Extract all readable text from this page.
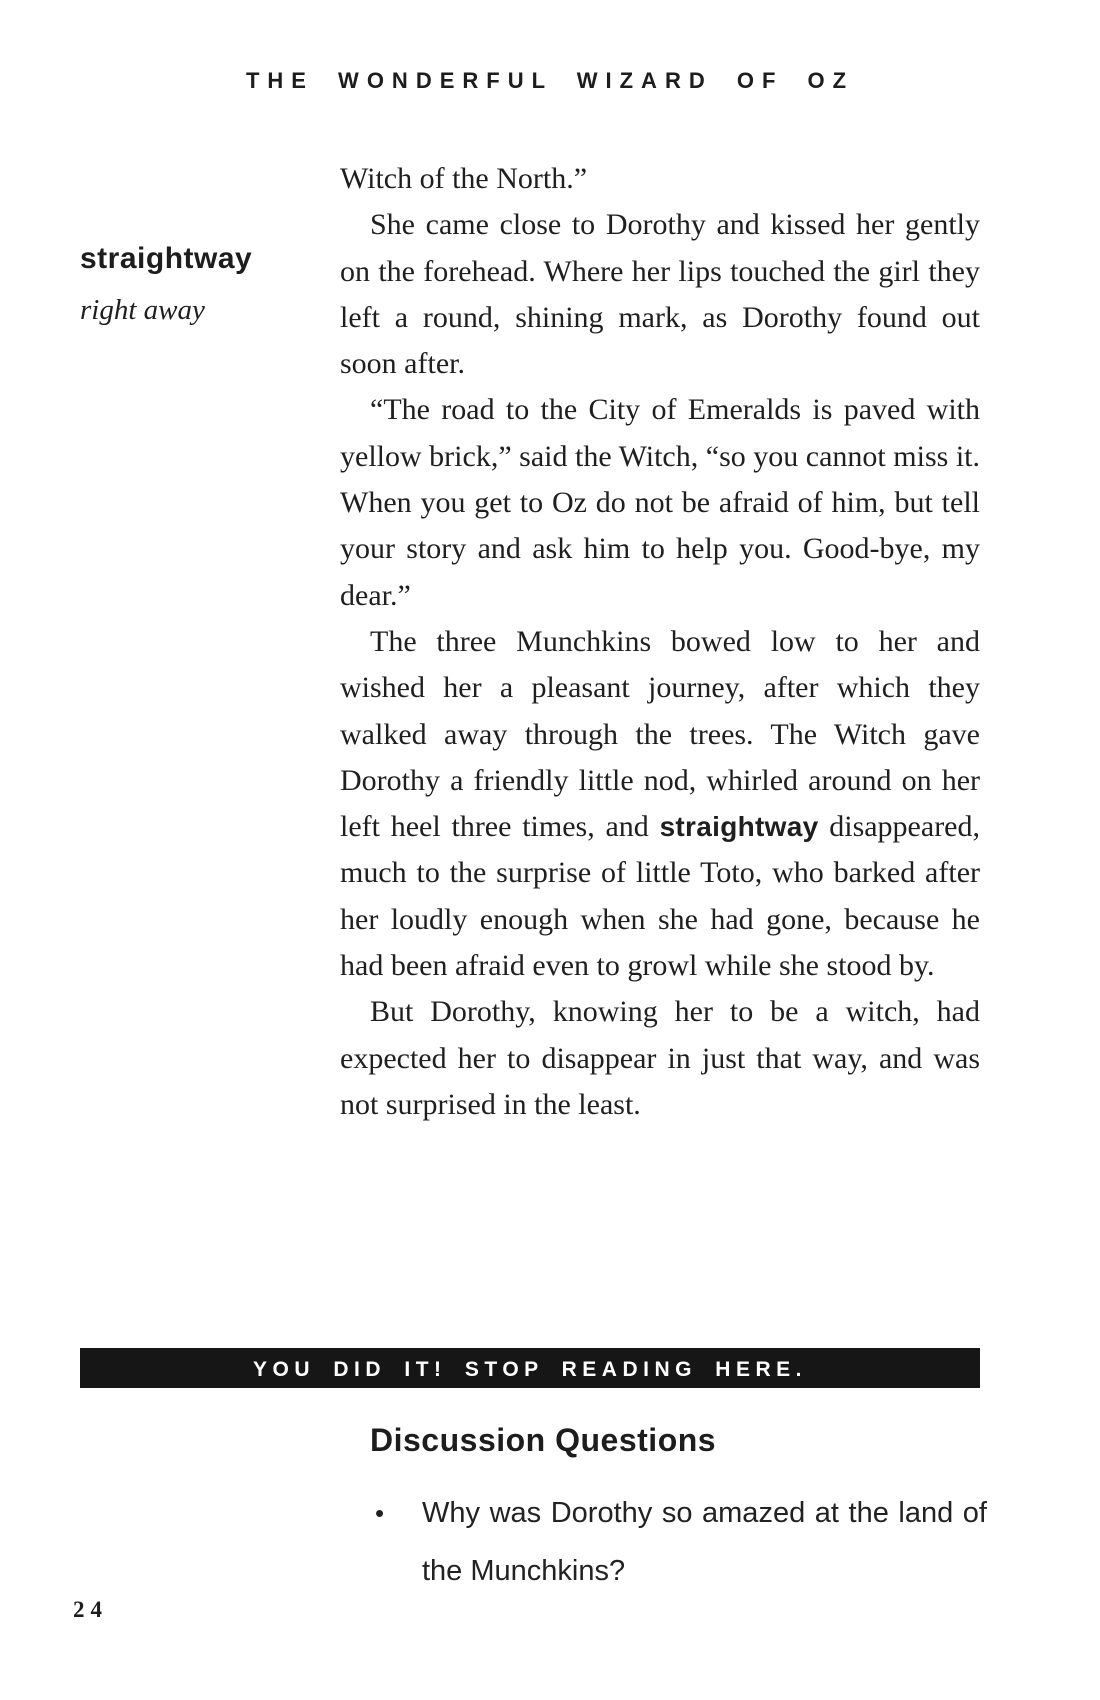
THE WONDERFUL WIZARD OF OZ
straightway
right away

Witch of the North.”

She came close to Dorothy and kissed her gently on the forehead. Where her lips touched the girl they left a round, shining mark, as Dorothy found out soon after.

“The road to the City of Emeralds is paved with yellow brick,” said the Witch, “so you cannot miss it. When you get to Oz do not be afraid of him, but tell your story and ask him to help you. Good-bye, my dear.”

The three Munchkins bowed low to her and wished her a pleasant journey, after which they walked away through the trees. The Witch gave Dorothy a friendly little nod, whirled around on her left heel three times, and straightway disappeared, much to the surprise of little Toto, who barked after her loudly enough when she had gone, because he had been afraid even to growl while she stood by.

But Dorothy, knowing her to be a witch, had expected her to disappear in just that way, and was not surprised in the least.

YOU DID IT! STOP READING HERE.
Discussion Questions
•	Why was Dorothy so amazed at the land of the Munchkins?
24
